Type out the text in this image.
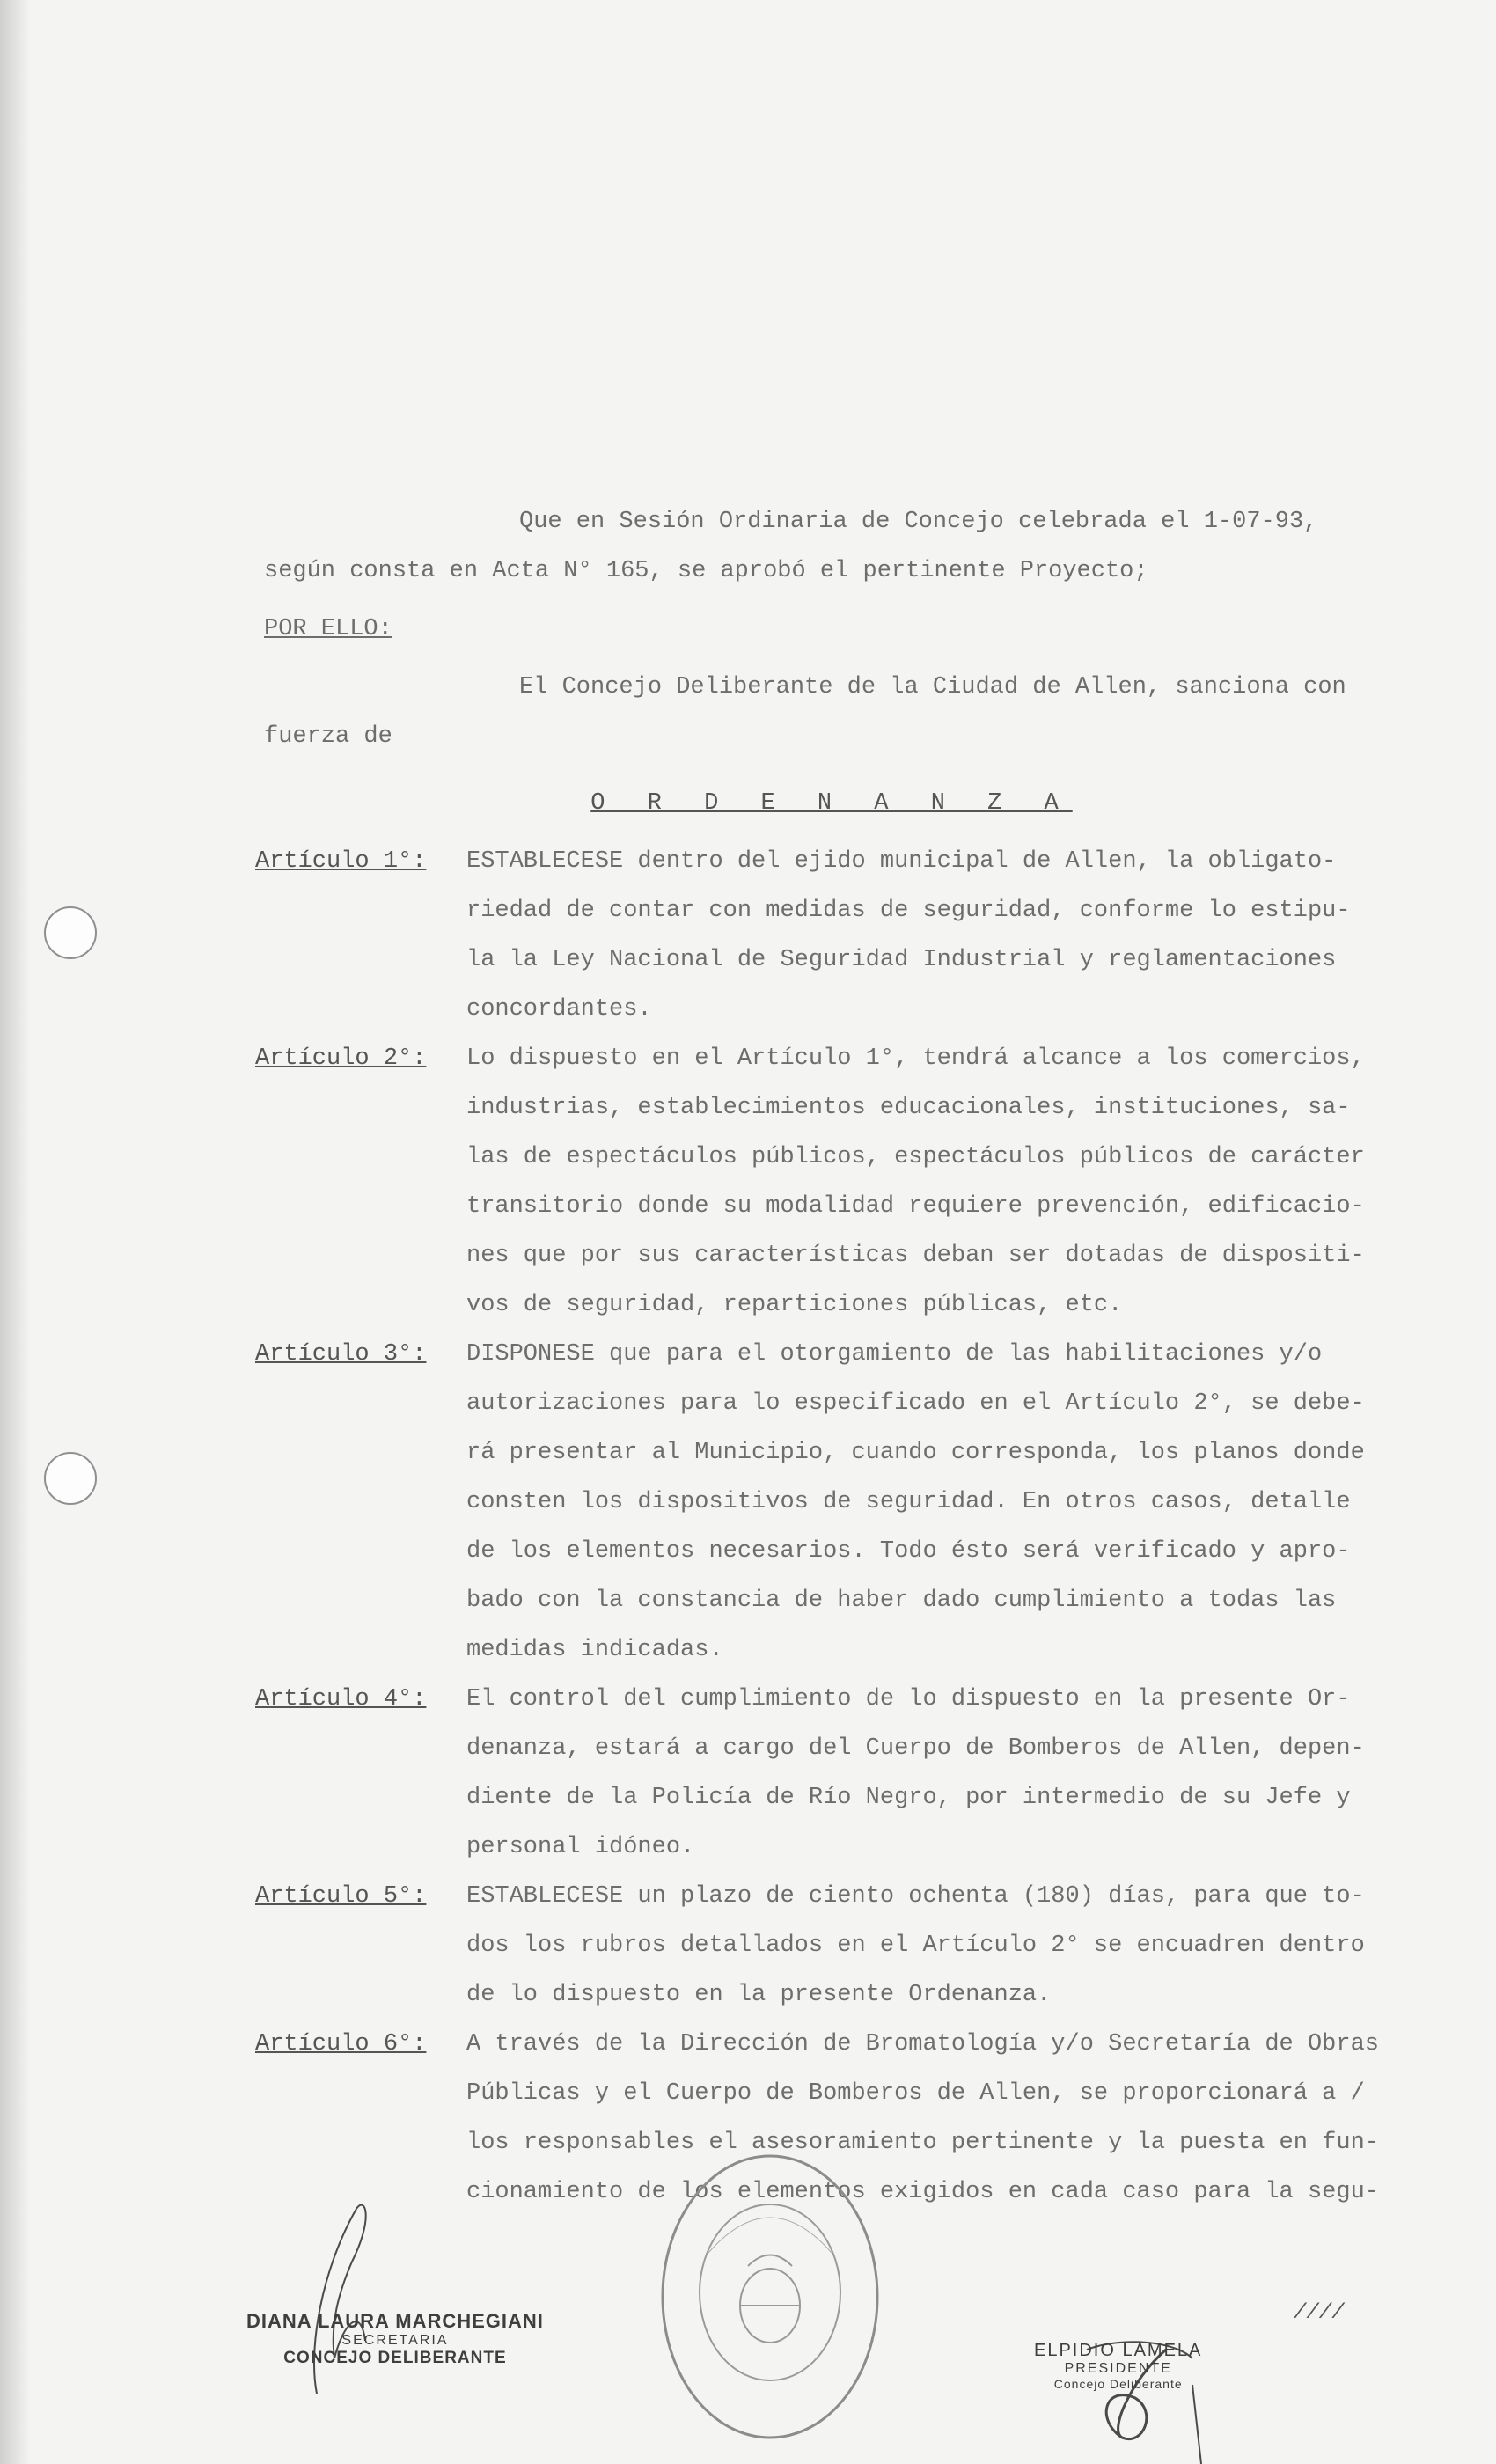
Que en Sesión Ordinaria de Concejo celebrada el 1-07-93,
según consta en Acta N° 165, se aprobó el pertinente Proyecto;
POR ELLO:
El Concejo Deliberante de la Ciudad de Allen, sanciona con
fuerza de
O R D E N A N Z A
Artículo 1°: ESTABLECESE dentro del ejido municipal de Allen, la obligato-
riedad de contar con medidas de seguridad, conforme lo estipu-
la la Ley Nacional de Seguridad Industrial y reglamentaciones
concordantes.
Artículo 2°: Lo dispuesto en el Artículo 1°, tendrá alcance a los comercios,
industrias, establecimientos educacionales, instituciones, sa-
las de espectáculos públicos, espectáculos públicos de carácter
transitorio donde su modalidad requiere prevención, edificacio-
nes que por sus características deban ser dotadas de dispositi-
vos de seguridad, reparticiones públicas, etc.
Artículo 3°: DISPONESE que para el otorgamiento de las habilitaciones y/o
autorizaciones para lo especificado en el Artículo 2°, se debe-
rá presentar al Municipio, cuando corresponda, los planos donde
consten los dispositivos de seguridad. En otros casos, detalle
de los elementos necesarios. Todo ésto será verificado y apro-
bado con la constancia de haber dado cumplimiento a todas las
medidas indicadas.
Artículo 4°: El control del cumplimiento de lo dispuesto en la presente Or-
denanza, estará a cargo del Cuerpo de Bomberos de Allen, depen-
diente de la Policía de Río Negro, por intermedio de su Jefe y
personal idóneo.
Artículo 5°: ESTABLECESE un plazo de ciento ochenta (180) días, para que to-
dos los rubros detallados en el Artículo 2° se encuadren dentro
de lo dispuesto en la presente Ordenanza.
Artículo 6°: A través de la Dirección de Bromatología y/o Secretaría de Obras
Públicas y el Cuerpo de Bomberos de Allen, se proporcionará a /
los responsables el asesoramiento pertinente y la puesta en fun-
cionamiento de los elementos exigidos en cada caso para la segu-
////
DIANA LAURA MARCHEGIANI
SECRETARIA
CONCEJO DELIBERANTE	ELPIDIO LAMELA
PRESIDENTE
Concejo Deliberante
